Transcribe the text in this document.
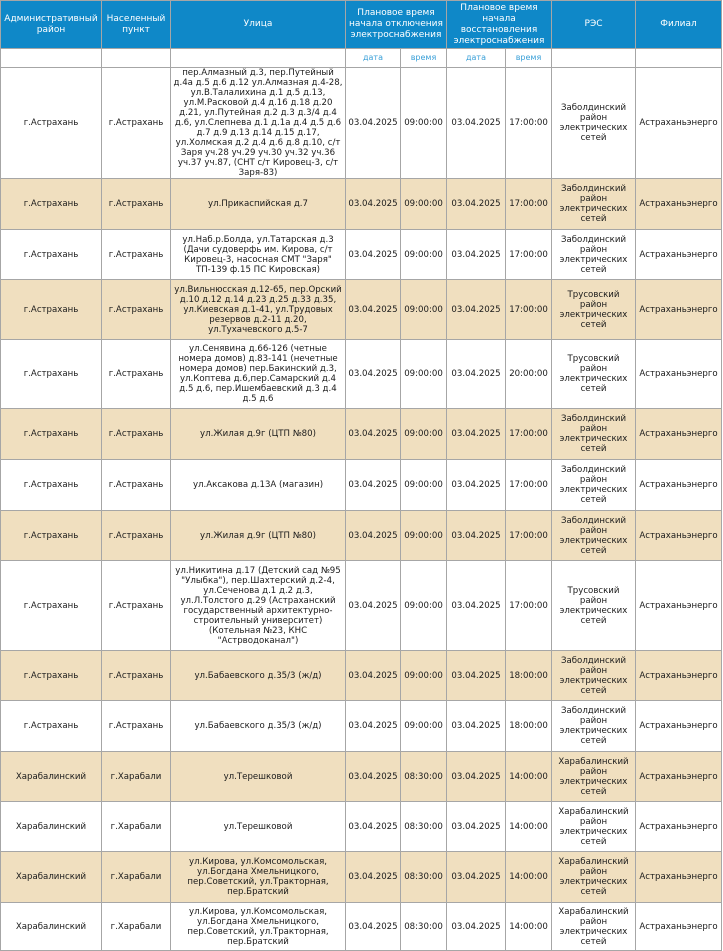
Административный район	Населенный пункт	Улица	Плановое время начала отключения электроснабжения		Плановое время начала восстановления электроснабжения		РЭС	Филиал
			дата	время	дата	время		
г.Астрахань	г.Астрахань	пер.Алмазный д.3, пер.Путейный д.4а д.5 д.6 д.12 ул.Алмазная д.4-28, ул.В.Талалихина д.1 д.5 д.13, ул.М.Расковой д.4 д.16 д.18 д.20 д.21, ул.Путейная д.2 д.3 д.3/4 д.4 д.6, ул.Слепнева д.1 д.1а д.4 д.5 д.6 д.7 д.9 д.13 д.14 д.15 д.17, ул.Холмская д.2 д.4 д.6 д.8 д.10, с/т Заря уч.28 уч.29 уч.30 уч.32 уч.36 уч.37 уч.87, (СНТ с/т Кировец-3, с/т Заря-83)	03.04.2025	09:00:00	03.04.2025	17:00:00	Заболдинский район электрических сетей	Астраханьэнерго
г.Астрахань	г.Астрахань	ул.Прикаспийская д.7	03.04.2025	09:00:00	03.04.2025	17:00:00	Заболдинский район электрических сетей	Астраханьэнерго
г.Астрахань	г.Астрахань	ул.Наб.р.Болда, ул.Татарская д.3 (Дачи судоверфь им. Кирова, с/т Кировец-3, насосная СМТ "Заря" ТП-139 ф.15 ПС Кировская)	03.04.2025	09:00:00	03.04.2025	17:00:00	Заболдинский район электрических сетей	Астраханьэнерго
г.Астрахань	г.Астрахань	ул.Вильнюсская д.12-65, пер.Орский д.10 д.12 д.14 д.23 д.25 д.33 д.35, ул.Киевская д.1-41, ул.Трудовых резервов д.2-11 д.20, ул.Тухачевского д.5-7	03.04.2025	09:00:00	03.04.2025	17:00:00	Трусовский район электрических сетей	Астраханьэнерго
г.Астрахань	г.Астрахань	ул.Сенявина д.66-126 (четные номера домов) д.83-141 (нечетные номера домов) пер.Бакинский д.3, ул.Коптева д.6,пер.Самарский д.4 д.5 д.6, пер.Ишембаевский д.3 д.4 д.5 д.6	03.04.2025	09:00:00	03.04.2025	20:00:00	Трусовский район электрических сетей	Астраханьэнерго
г.Астрахань	г.Астрахань	ул.Жилая д.9г (ЦТП №80)	03.04.2025	09:00:00	03.04.2025	17:00:00	Заболдинский район электрических сетей	Астраханьэнерго
г.Астрахань	г.Астрахань	ул.Аксакова д.13А (магазин)	03.04.2025	09:00:00	03.04.2025	17:00:00	Заболдинский район электрических сетей	Астраханьэнерго
г.Астрахань	г.Астрахань	ул.Жилая д.9г (ЦТП №80)	03.04.2025	09:00:00	03.04.2025	17:00:00	Заболдинский район электрических сетей	Астраханьэнерго
г.Астрахань	г.Астрахань	ул.Никитина д.17 (Детский сад №95 "Улыбка"), пер.Шахтерский д.2-4, ул.Сеченова д.1 д.2 д.3, ул.Л.Толстого д.29 (Астраханский государственный архитектурно-строительный университет) (Котельная №23, КНС "Астрводоканал")	03.04.2025	09:00:00	03.04.2025	17:00:00	Трусовский район электрических сетей	Астраханьэнерго
г.Астрахань	г.Астрахань	ул.Бабаевского д.35/3 (ж/д)	03.04.2025	09:00:00	03.04.2025	18:00:00	Заболдинский район электрических сетей	Астраханьэнерго
г.Астрахань	г.Астрахань	ул.Бабаевского д.35/3 (ж/д)	03.04.2025	09:00:00	03.04.2025	18:00:00	Заболдинский район электрических сетей	Астраханьэнерго
Харабалинский	г.Харабали	ул.Терешковой	03.04.2025	08:30:00	03.04.2025	14:00:00	Харабалинский район электрических сетей	Астраханьэнерго
Харабалинский	г.Харабали	ул.Терешковой	03.04.2025	08:30:00	03.04.2025	14:00:00	Харабалинский район электрических сетей	Астраханьэнерго
Харабалинский	г.Харабали	ул.Кирова, ул.Комсомольская, ул.Богдана Хмельницкого, пер.Советский, ул.Тракторная, пер.Братский	03.04.2025	08:30:00	03.04.2025	14:00:00	Харабалинский район электрических сетей	Астраханьэнерго
Харабалинский	г.Харабали	ул.Кирова, ул.Комсомольская, ул.Богдана Хмельницкого, пер.Советский, ул.Тракторная, пер.Братский	03.04.2025	08:30:00	03.04.2025	14:00:00	Харабалинский район электрических сетей	Астраханьэнерго
